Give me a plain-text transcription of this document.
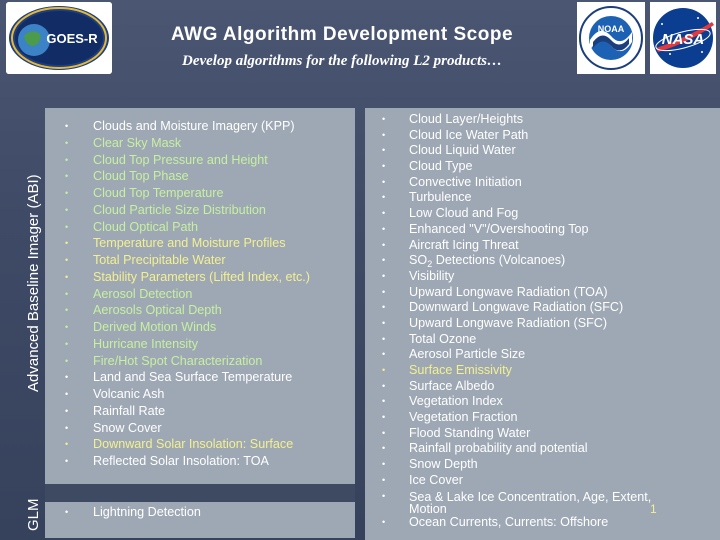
GOES-R
NOAA
NASA
AWG Algorithm Development Scope
Develop algorithms for the following L2 products…
Advanced Baseline Imager (ABI)
GLM
• Clouds and Moisture Imagery (KPP)
• Clear Sky Mask
• Cloud Top Pressure and Height
• Cloud Top Phase
• Cloud Top Temperature
• Cloud Particle Size Distribution
• Cloud Optical Path
• Temperature and Moisture Profiles
• Total Precipitable Water
• Stability Parameters (Lifted Index, etc.)
• Aerosol Detection
• Aerosols Optical Depth
• Derived Motion Winds
• Hurricane Intensity
• Fire/Hot Spot Characterization
• Land and Sea Surface Temperature
• Volcanic Ash
• Rainfall Rate
• Snow Cover
• Downward Solar Insolation: Surface
• Reflected Solar Insolation: TOA
• Cloud Layer/Heights
• Cloud Ice Water Path
• Cloud Liquid Water
• Cloud Type
• Convective Initiation
• Turbulence
• Low Cloud and Fog
• Enhanced "V"/Overshooting Top
• Aircraft Icing Threat
• $SO_2$ Detections (Volcanoes)
• Visibility
• Upward Longwave Radiation (TOA)
• Downward Longwave Radiation (SFC)
• Upward Longwave Radiation (SFC)
• Total Ozone
• Aerosol Particle Size
• Surface Emissivity
• Surface Albedo
• Vegetation Index
• Vegetation Fraction
• Flood Standing Water
• Rainfall probability and potential
• Snow Depth
• Ice Cover
• Sea & Lake Ice Concentration, Age, Extent, Motion
• Ocean Currents, Currents: Offshore
• Lightning Detection	1
